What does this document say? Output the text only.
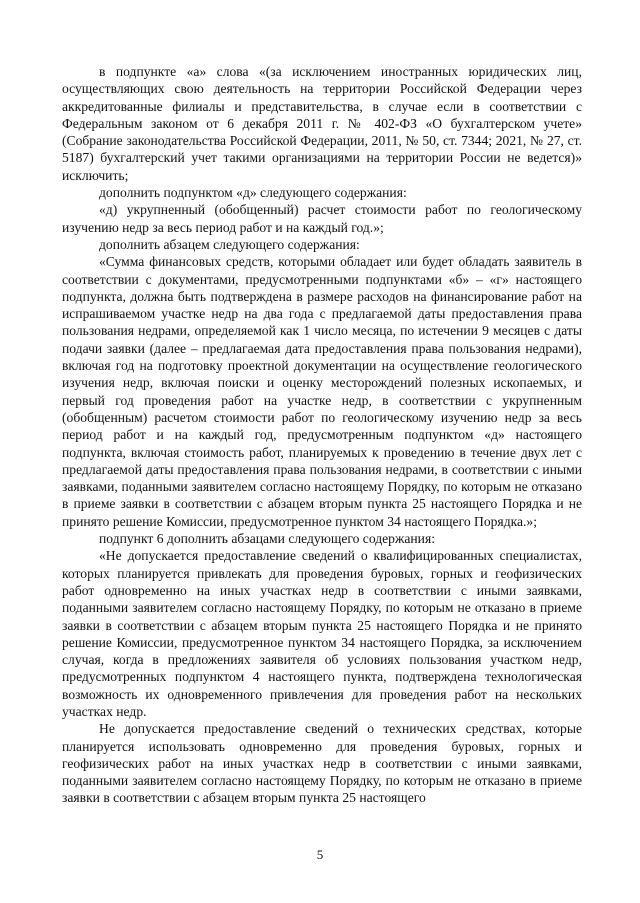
в подпункте «а» слова «(за исключением иностранных юридических лиц, осуществляющих свою деятельность на территории Российской Федерации через аккредитованные филиалы и представительства, в случае если в соответствии с Федеральным законом от 6 декабря 2011 г. № 402-ФЗ «О бухгалтерском учете» (Собрание законодательства Российской Федерации, 2011, № 50, ст. 7344; 2021, № 27, ст. 5187) бухгалтерский учет такими организациями на территории России не ведется)» исключить;

дополнить подпунктом «д» следующего содержания:

«д) укрупненный (обобщенный) расчет стоимости работ по геологическому изучению недр за весь период работ и на каждый год.»;

дополнить абзацем следующего содержания:

«Сумма финансовых средств, которыми обладает или будет обладать заявитель в соответствии с документами, предусмотренными подпунктами «б» – «г» настоящего подпункта, должна быть подтверждена в размере расходов на финансирование работ на испрашиваемом участке недр на два года с предлагаемой даты предоставления права пользования недрами, определяемой как 1 число месяца, по истечении 9 месяцев с даты подачи заявки (далее – предлагаемая дата предоставления права пользования недрами), включая год на подготовку проектной документации на осуществление геологического изучения недр, включая поиски и оценку месторождений полезных ископаемых, и первый год проведения работ на участке недр, в соответствии с укрупненным (обобщенным) расчетом стоимости работ по геологическому изучению недр за весь период работ и на каждый год, предусмотренным подпунктом «д» настоящего подпункта, включая стоимость работ, планируемых к проведению в течение двух лет с предлагаемой даты предоставления права пользования недрами, в соответствии с иными заявками, поданными заявителем согласно настоящему Порядку, по которым не отказано в приеме заявки в соответствии с абзацем вторым пункта 25 настоящего Порядка и не принято решение Комиссии, предусмотренное пунктом 34 настоящего Порядка.»;

подпункт 6 дополнить абзацами следующего содержания:

«Не допускается предоставление сведений о квалифицированных специалистах, которых планируется привлекать для проведения буровых, горных и геофизических работ одновременно на иных участках недр в соответствии с иными заявками, поданными заявителем согласно настоящему Порядку, по которым не отказано в приеме заявки в соответствии с абзацем вторым пункта 25 настоящего Порядка и не принято решение Комиссии, предусмотренное пунктом 34 настоящего Порядка, за исключением случая, когда в предложениях заявителя об условиях пользования участком недр, предусмотренных подпунктом 4 настоящего пункта, подтверждена технологическая возможность их одновременного привлечения для проведения работ на нескольких участках недр.

Не допускается предоставление сведений о технических средствах, которые планируется использовать одновременно для проведения буровых, горных и геофизических работ на иных участках недр в соответствии с иными заявками, поданными заявителем согласно настоящему Порядку, по которым не отказано в приеме заявки в соответствии с абзацем вторым пункта 25 настоящего

5
